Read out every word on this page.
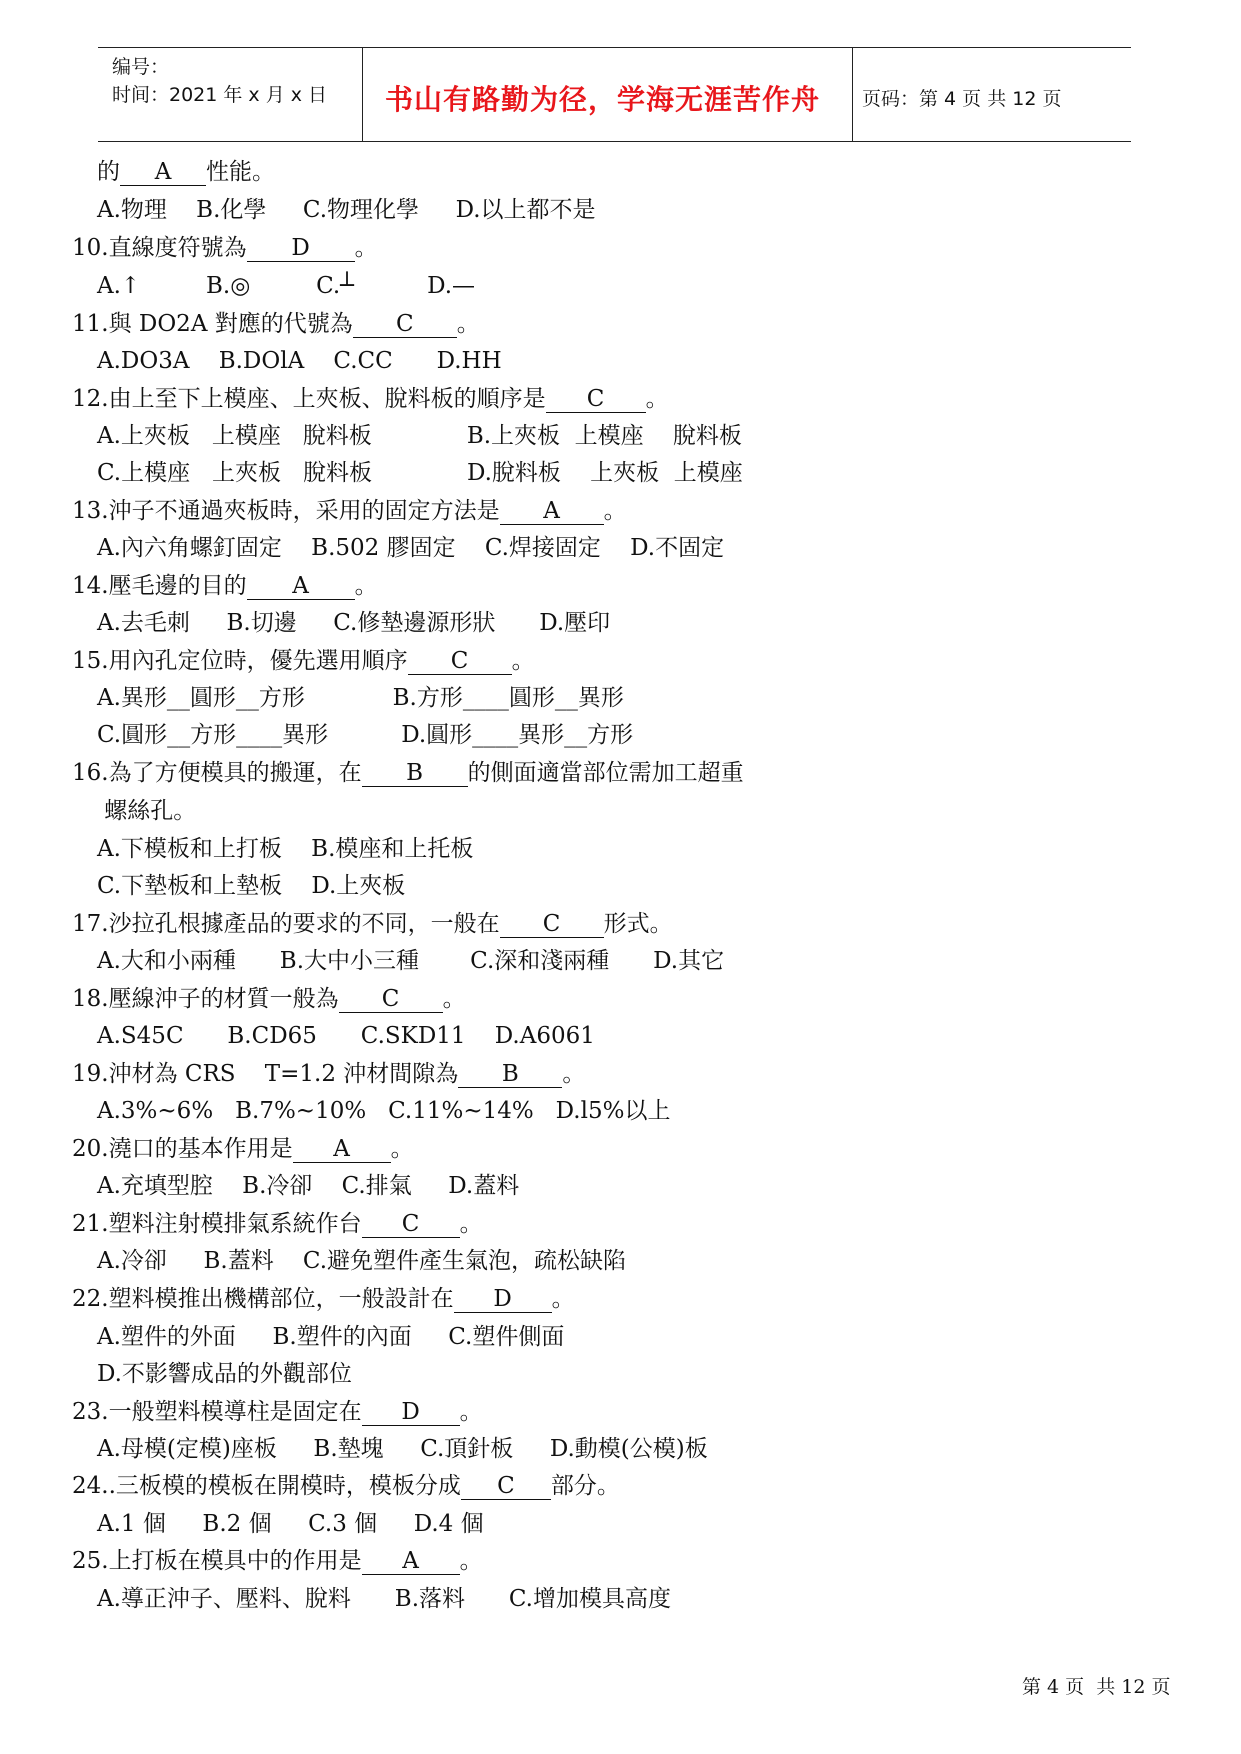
编号：
时间：2021 年 x 月 x 日 书山有路勤为径，学海无涯苦作舟 页码：第 4 页 共 12 页
的 A 性能。
A.物理    B.化學     C.物理化學     D.以上都不是
10.直線度符號為 D 。
A.↑         B.◎         C.┴          D.—
11.與 DO2A 對應的代號為 C 。
A.DO3A    B.DOlA    C.CC      D.HH
12.由上至下上模座、上夾板、脫料板的順序是 C 。
A.上夾板   上模座   脫料板             B.上夾板  上模座    脫料板
C.上模座   上夾板   脫料板             D.脫料板    上夾板  上模座
13.沖子不通過夾板時，采用的固定方法是 A 。
A.內六角螺釘固定    B.502 膠固定    C.焊接固定    D.不固定
14.壓毛邊的目的 A 。
A.去毛刺     B.切邊     C.修墊邊源形狀      D.壓印
15.用內孔定位時，優先選用順序 C 。
A.異形__圓形__方形            B.方形____圓形__異形
C.圓形__方形____異形          D.圓形____異形__方形
16.為了方便模具的搬運，在 B 的側面適當部位需加工超重
螺絲孔。
A.下模板和上打板    B.模座和上托板
C.下墊板和上墊板    D.上夾板
17.沙拉孔根據產品的要求的不同，一般在 C 形式。
A.大和小兩種      B.大中小三種       C.深和淺兩種      D.其它
18.壓線沖子的材質一般為 C 。
A.S45C      B.CD65      C.SKD11    D.A6061
19.沖材為 CRS    T=1.2 沖材間隙為 B 。
A.3%~6%   B.7%~10%   C.11%~14%   D.l5%以上
20.澆口的基本作用是 A 。
A.充填型腔    B.冷卻    C.排氣     D.蓋料
21.塑料注射模排氣系統作台 C 。
A.冷卻     B.蓋料    C.避免塑件產生氣泡，疏松缺陷
22.塑料模推出機構部位，一般設計在 D 。
A.塑件的外面     B.塑件的內面     C.塑件側面
D.不影響成品的外觀部位
23.一般塑料模導柱是固定在 D 。
A.母模(定模)座板     B.墊塊     C.頂針板     D.動模(公模)板
24..三板模的模板在開模時，模板分成 C 部分。
A.1 個     B.2 個     C.3 個     D.4 個
25.上打板在模具中的作用是 A 。
A.導正沖子、壓料、脫料      B.落料      C.增加模具高度
第 4 页  共 12 页
